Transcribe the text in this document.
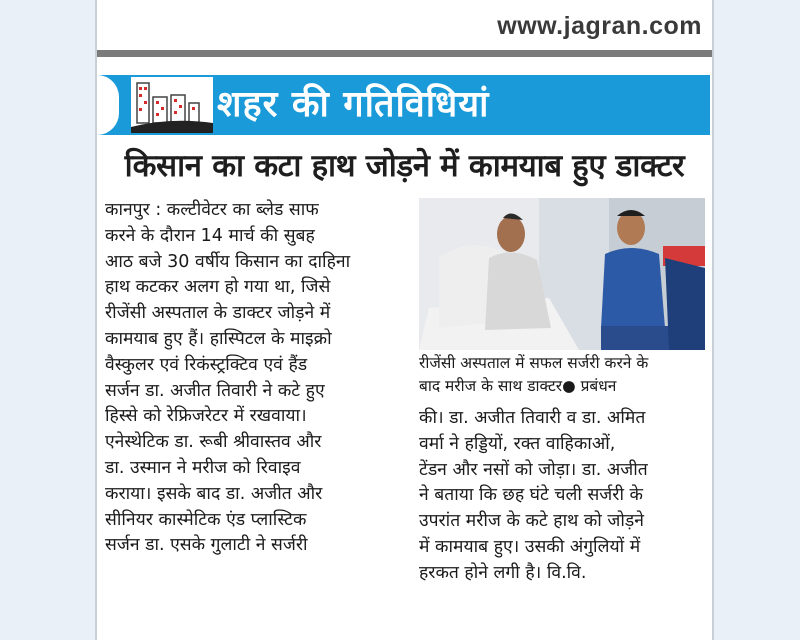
www.jagran.com
शहर की गतिविधियां
किसान का कटा हाथ जोड़ने में कामयाब हुए डाक्टर
कानपुर : कल्टीवेटर का ब्लेड साफ
करने के दौरान 14 मार्च की सुबह
आठ बजे 30 वर्षीय किसान का दाहिना
हाथ कटकर अलग हो गया था, जिसे
रीजेंसी अस्पताल के डाक्टर जोड़ने में
कामयाब हुए हैं। हास्पिटल के माइक्रो
वैस्कुलर एवं रिकंस्ट्रक्टिव एवं हैंड
सर्जन डा. अजीत तिवारी ने कटे हुए
हिस्से को रेफ्रिजरेटर में रखवाया।
एनेस्थेटिक डा. रूबी श्रीवास्तव और
डा. उस्मान ने मरीज को रिवाइव
कराया। इसके बाद डा. अजीत और
सीनियर कास्मेटिक एंड प्लास्टिक
सर्जन डा. एसके गुलाटी ने सर्जरी
रीजेंसी अस्पताल में सफल सर्जरी करने के
बाद मरीज के साथ डाक्टर● प्रबंधन
की। डा. अजीत तिवारी व डा. अमित
वर्मा ने हड्डियों, रक्त वाहिकाओं,
टेंडन और नसों को जोड़ा। डा. अजीत
ने बताया कि छह घंटे चली सर्जरी के
उपरांत मरीज के कटे हाथ को जोड़ने
में कामयाब हुए। उसकी अंगुलियों में
हरकत होने लगी है। वि.वि.
